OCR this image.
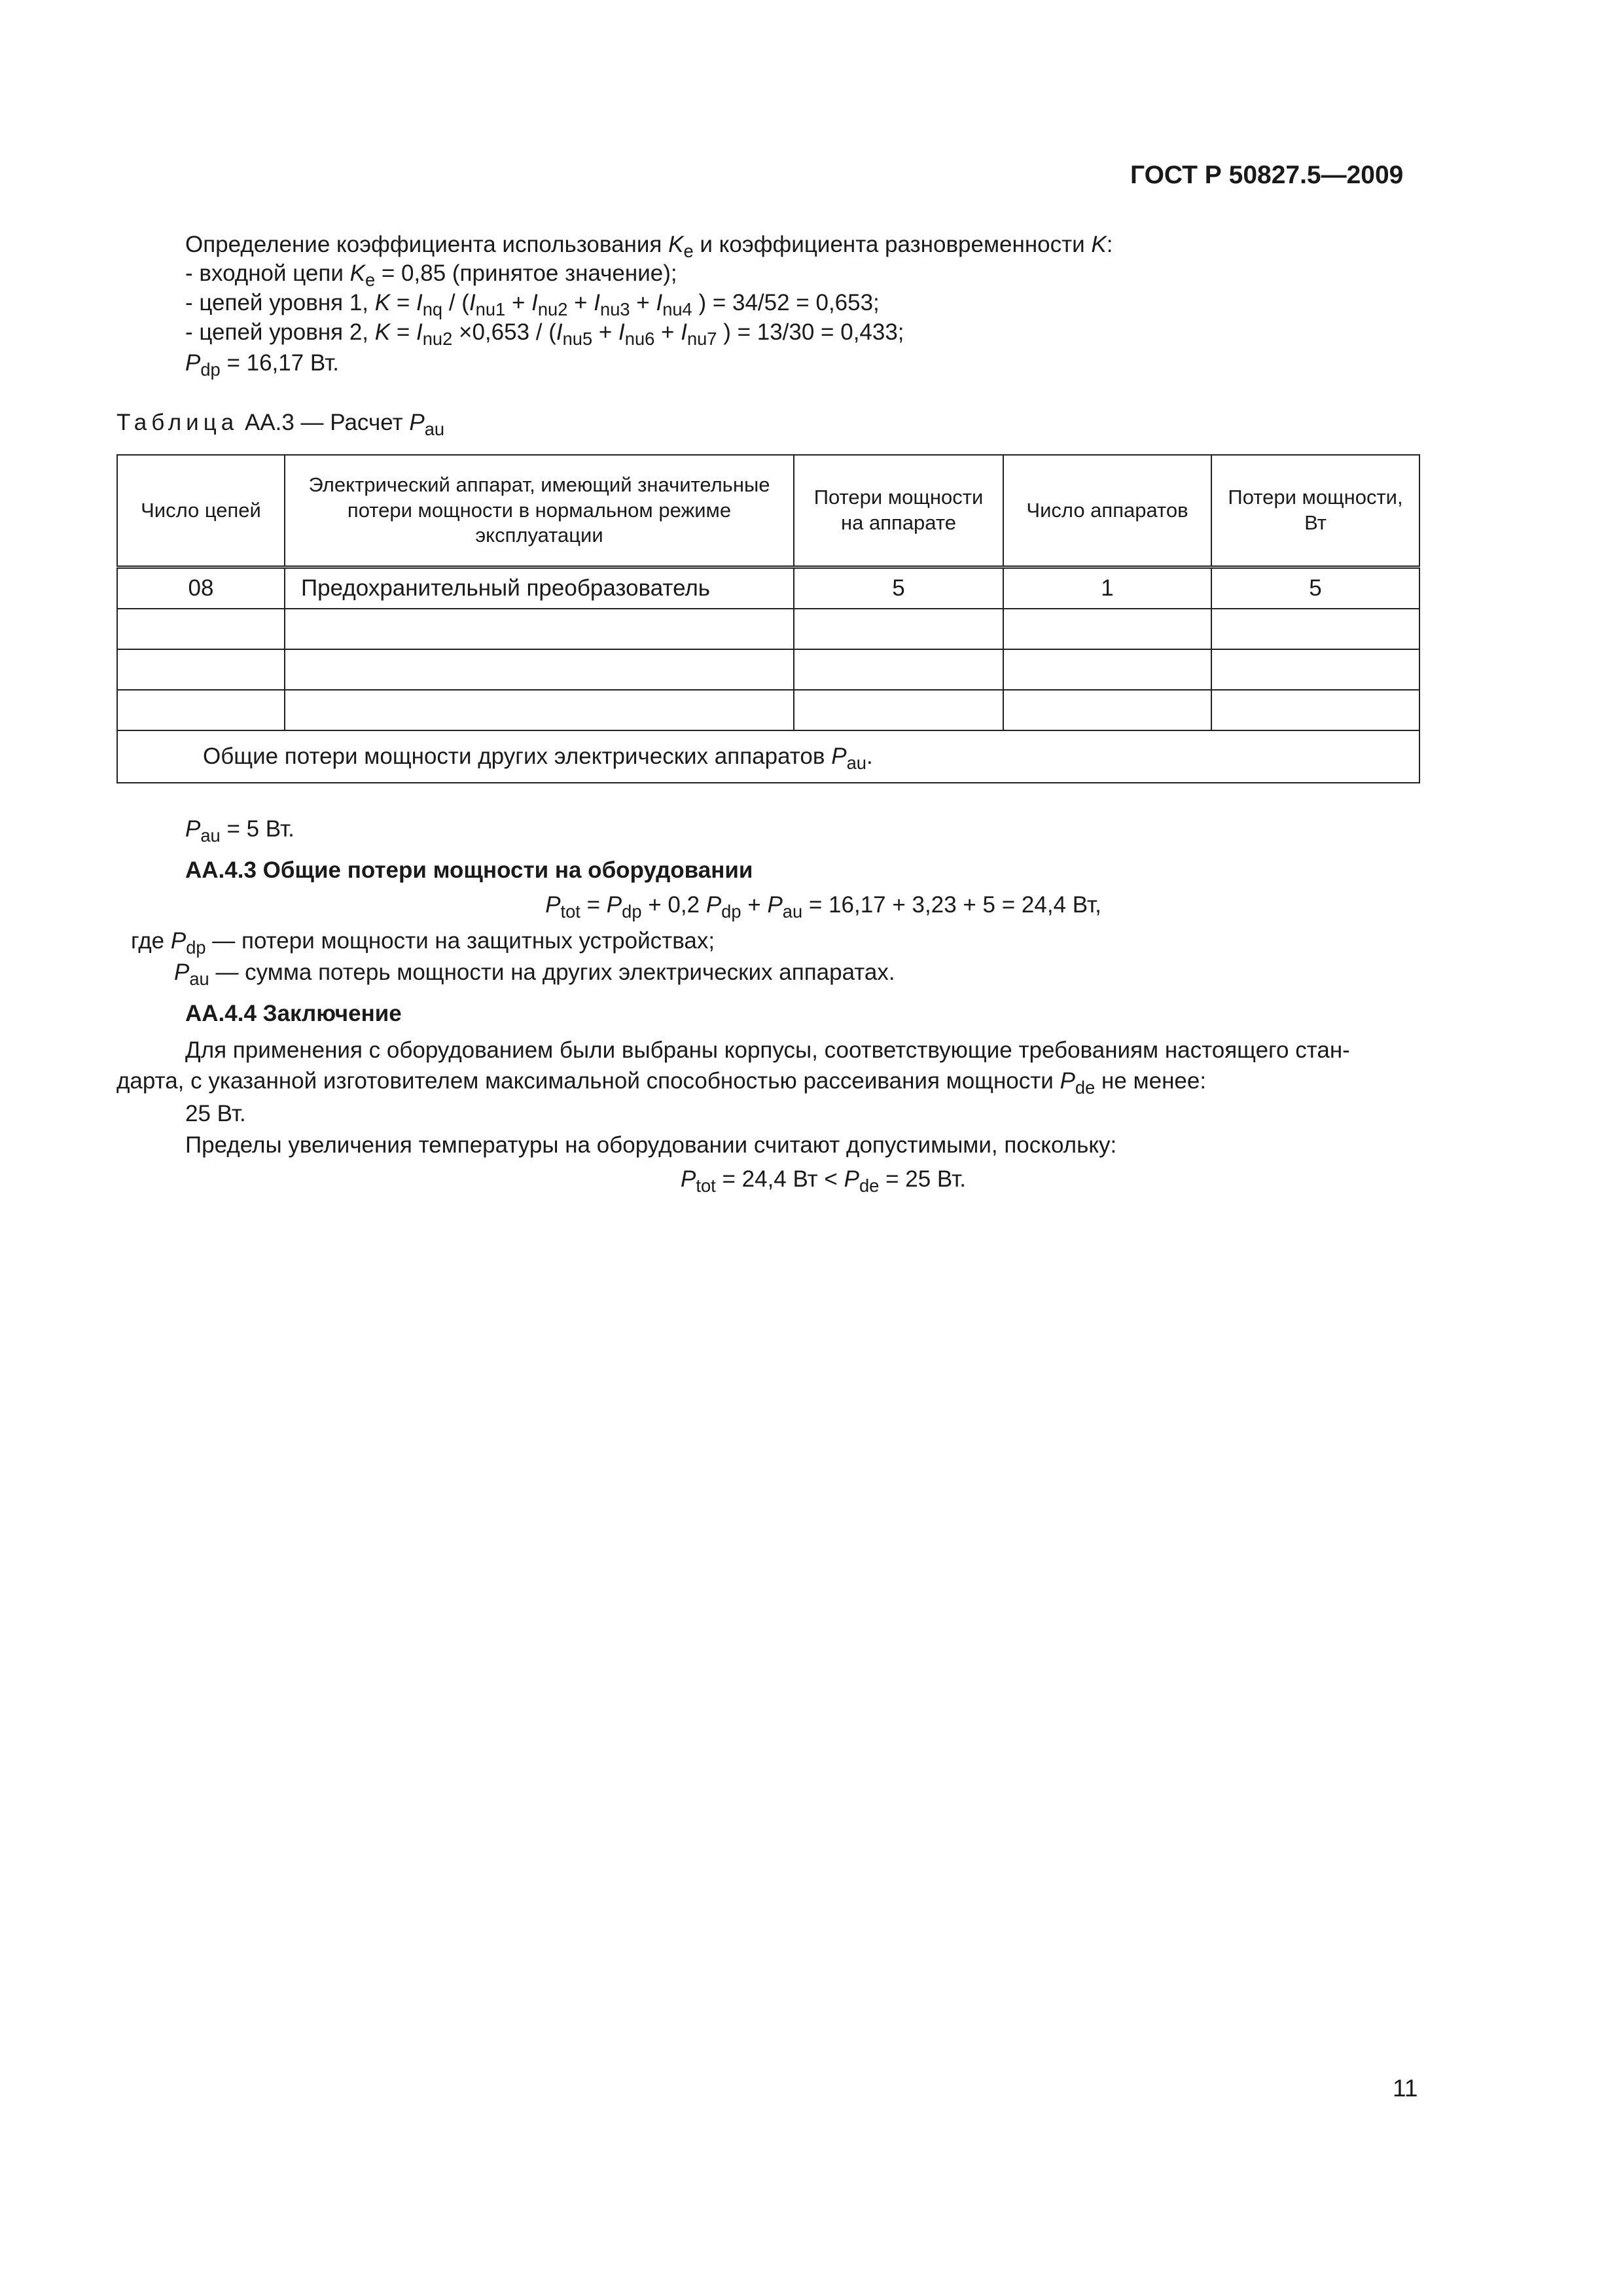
ГОСТ Р 50827.5—2009
Определение коэффициента использования $K_e$ и коэффициента разновременности K:
- входной цепи $K_e = 0,85$ (принятое значение);
- цепей уровня 1, $K = I_{nq} / (I_{nu1} + I_{nu2} + I_{nu3} + I_{nu4}$ ) = 34/52 = 0,653;
- цепей уровня 2, $K = I_{nu2} \times 0,653 / (I_{nu5} + I_{nu6} + I_{nu7}$ ) = 13/30 = 0,433;
$P_{dp} = 16,17$ Вт.
Таблица АА.3 — Расчет $P_{au}$
Число цепей	Электрический аппарат, имеющий значительные потери мощности в нормальном режиме эксплуатации	Потери мощности на аппарате	Число аппаратов	Потери мощности, Вт
08	Предохранительный преобразователь	5	1	5

Общие потери мощности других электрических аппаратов $P_{au}$.				
$P_{au} = 5$ Вт.
АА.4.3 Общие потери мощности на оборудовании
$P_{tot} = P_{dp} + 0,2$ $P_{dp} + P_{au} = 16,17 + 3,23 + 5 = 24,4$ Вт,
где $P_{dp}$ — потери мощности на защитных устройствах;
$P_{au}$ — сумма потерь мощности на других электрических аппаратах.
АА.4.4 Заключение
Для применения с оборудованием были выбраны корпусы, соответствующие требованиям настоящего стан-
дарта, с указанной изготовителем максимальной способностью рассеивания мощности $P_{de}$ не менее:
25 Вт.
Пределы увеличения температуры на оборудовании считают допустимыми, поскольку:
$P_{tot} = 24,4$ Вт < $P_{de} = 25$ Вт.
11
